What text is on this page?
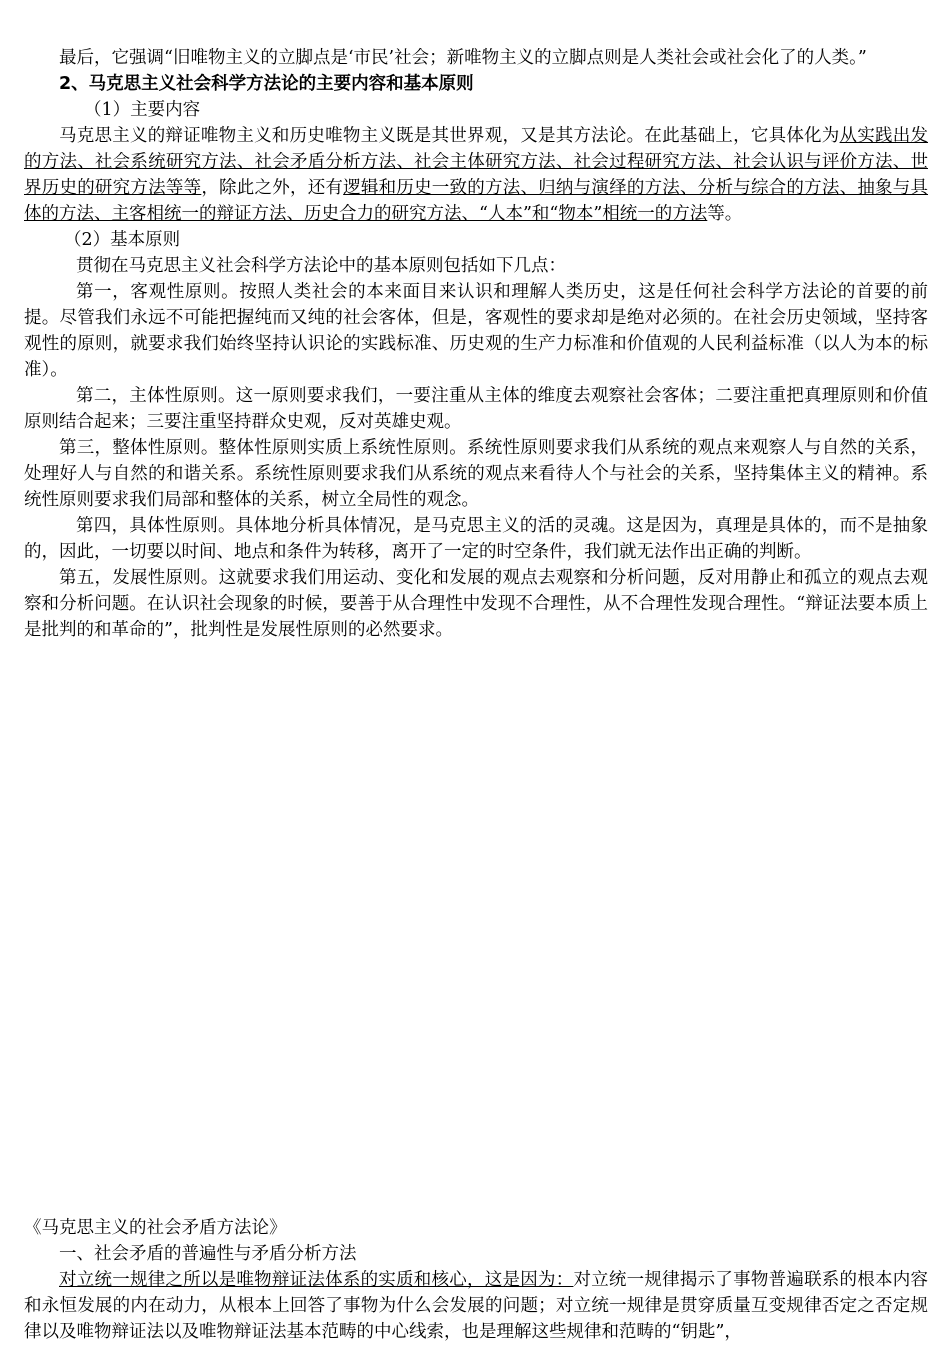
最后，它强调“旧唯物主义的立脚点是‘市民’社会；新唯物主义的立脚点则是人类社会或社会化了的人类。”

2、马克思主义社会科学方法论的主要内容和基本原则

（1）主要内容

马克思主义的辩证唯物主义和历史唯物主义既是其世界观，又是其方法论。在此基础上，它具体化为从实践出发的方法、社会系统研究方法、社会矛盾分析方法、社会主体研究方法、社会过程研究方法、社会认识与评价方法、世界历史的研究方法等等，除此之外，还有逻辑和历史一致的方法、归纳与演绎的方法、分析与综合的方法、抽象与具体的方法、主客相统一的辩证方法、历史合力的研究方法、“人本”和“物本”相统一的方法等。

（2）基本原则

贯彻在马克思主义社会科学方法论中的基本原则包括如下几点：

第一，客观性原则。按照人类社会的本来面目来认识和理解人类历史，这是任何社会科学方法论的首要的前提。尽管我们永远不可能把握纯而又纯的社会客体，但是，客观性的要求却是绝对必须的。在社会历史领域，坚持客观性的原则，就要求我们始终坚持认识论的实践标准、历史观的生产力标准和价值观的人民利益标准（以人为本的标准）。

第二，主体性原则。这一原则要求我们，一要注重从主体的维度去观察社会客体；二要注重把真理原则和价值原则结合起来；三要注重坚持群众史观，反对英雄史观。

第三，整体性原则。整体性原则实质上系统性原则。系统性原则要求我们从系统的观点来观察人与自然的关系，处理好人与自然的和谐关系。系统性原则要求我们从系统的观点来看待人个与社会的关系，坚持集体主义的精神。系统性原则要求我们局部和整体的关系，树立全局性的观念。

第四，具体性原则。具体地分析具体情况，是马克思主义的活的灵魂。这是因为，真理是具体的，而不是抽象的，因此，一切要以时间、地点和条件为转移，离开了一定的时空条件，我们就无法作出正确的判断。

第五，发展性原则。这就要求我们用运动、变化和发展的观点去观察和分析问题，反对用静止和孤立的观点去观察和分析问题。在认识社会现象的时候，要善于从合理性中发现不合理性，从不合理性发现合理性。“辩证法要本质上是批判的和革命的”，批判性是发展性原则的必然要求。

《马克思主义的社会矛盾方法论》

一、社会矛盾的普遍性与矛盾分析方法

对立统一规律之所以是唯物辩证法体系的实质和核心，这是因为：对立统一规律揭示了事物普遍联系的根本内容和永恒发展的内在动力，从根本上回答了事物为什么会发展的问题；对立统一规律是贯穿质量互变规律否定之否定规律以及唯物辩证法以及唯物辩证法基本范畴的中心线索，也是理解这些规律和范畴的“钥匙”，
